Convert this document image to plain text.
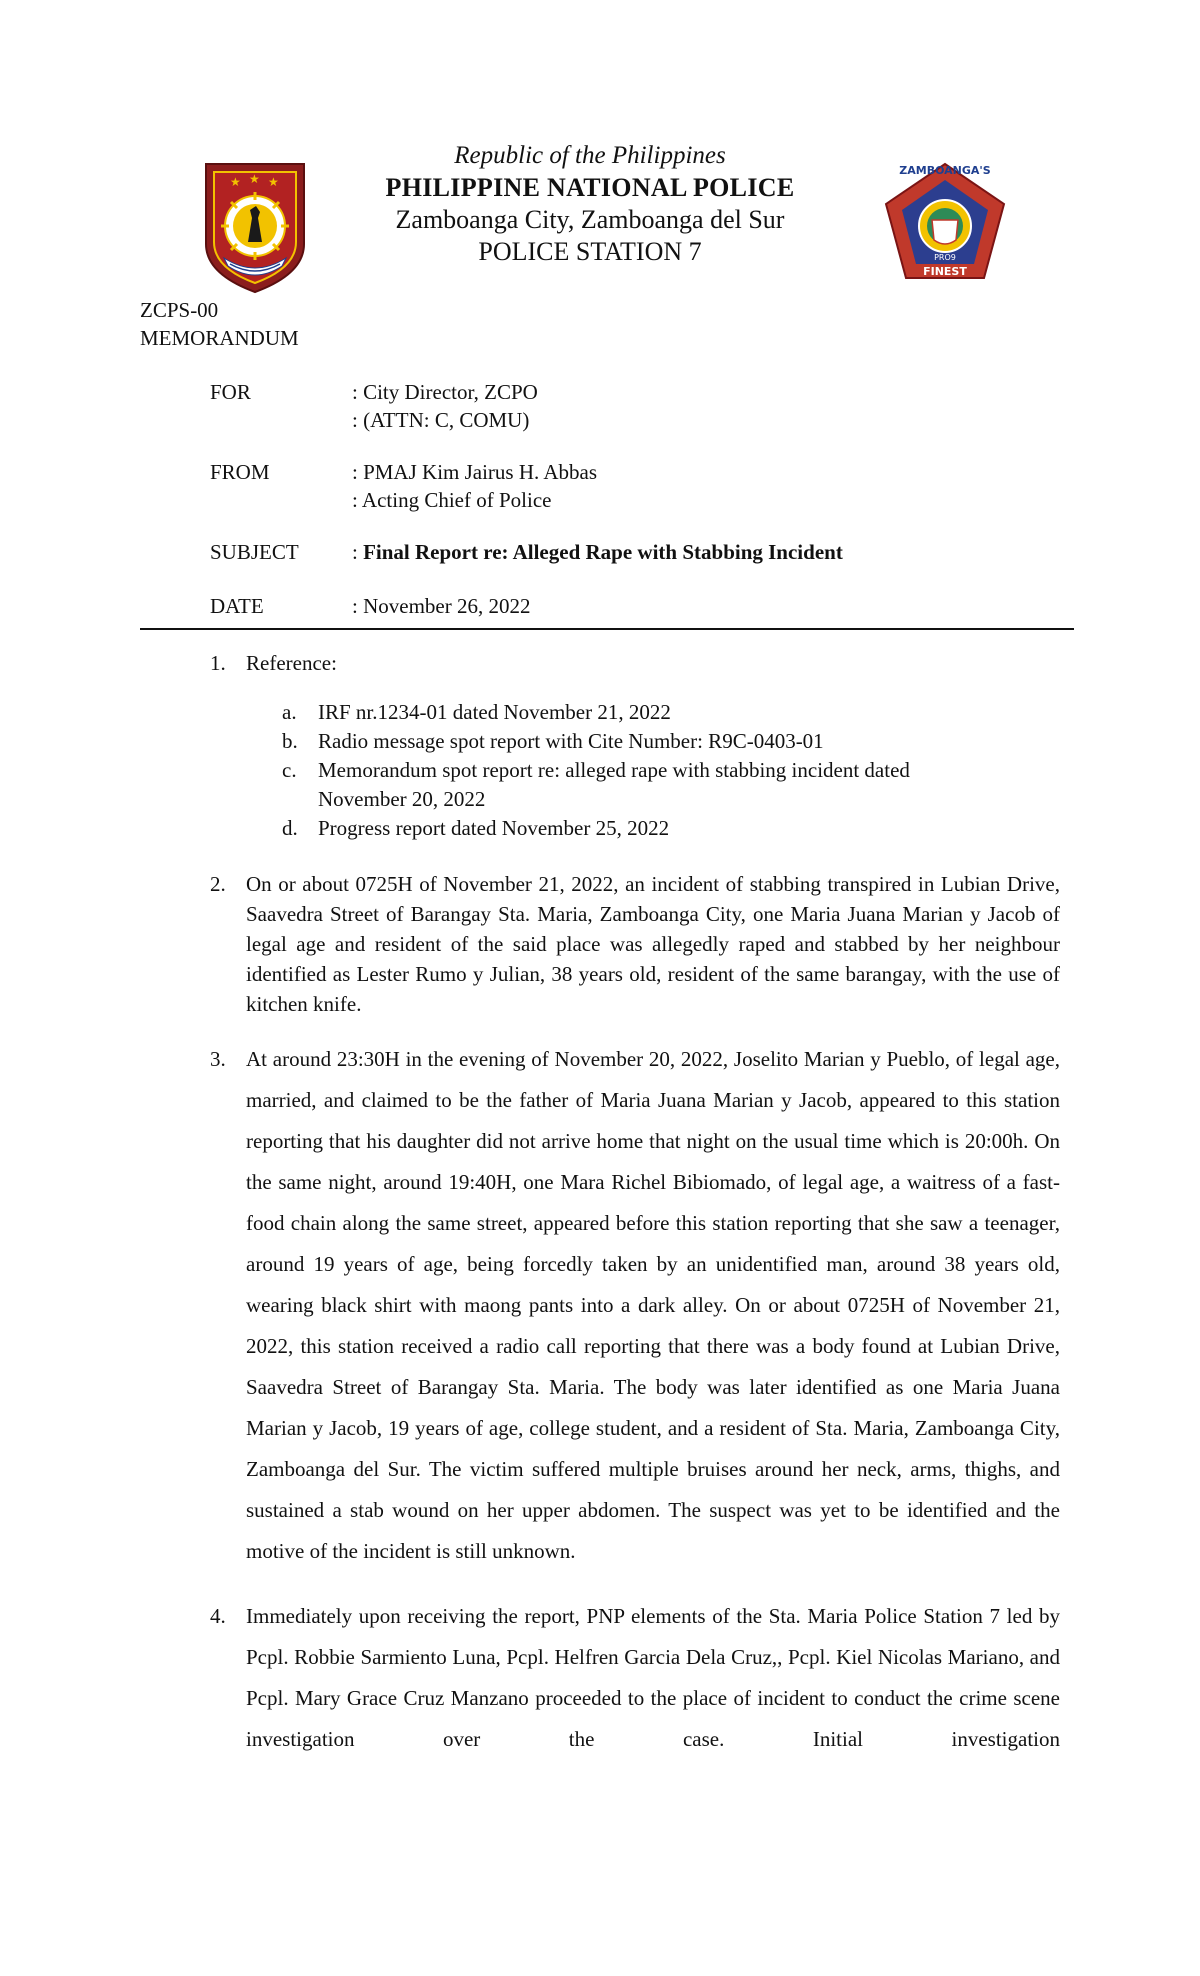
★ ★ ★
Republic of the Philippines
PHILIPPINE NATIONAL POLICE
Zamboanga City, Zamboanga del Sur
POLICE STATION 7
ZAMBOANGA'S
PRO9
FINEST
ZCPS-00
MEMORANDUM
FOR	: City Director, ZCPO
: (ATTN: C, COMU)
FROM	: PMAJ Kim Jairus H. Abbas
: Acting Chief of Police
SUBJECT	: Final Report re: Alleged Rape with Stabbing Incident
DATE	: November 26, 2022
1. Reference:
a.	IRF nr.1234-01 dated November 21, 2022
b. Radio message spot report with Cite Number: R9C-0403-01
c.	Memorandum spot report re: alleged rape with stabbing incident dated November 20, 2022
d. Progress report dated November 25, 2022
2. On or about 0725H of November 21, 2022, an incident of stabbing transpired in Lubian Drive, Saavedra Street of Barangay Sta. Maria, Zamboanga City, one Maria Juana Marian y Jacob of legal age and resident of the said place was allegedly raped and stabbed by her neighbour identified as Lester Rumo y Julian, 38 years old, resident of the same barangay, with the use of kitchen knife.
3. At around 23:30H in the evening of November 20, 2022, Joselito Marian y Pueblo, of legal age, married, and claimed to be the father of Maria Juana Marian y Jacob, appeared to this station reporting that his daughter did not arrive home that night on the usual time which is 20:00h. On the same night, around 19:40H, one Mara Richel Bibiomado, of legal age, a waitress of a fast-food chain along the same street, appeared before this station reporting that she saw a teenager, around 19 years of age, being forcedly taken by an unidentified man, around 38 years old, wearing black shirt with maong pants into a dark alley. On or about 0725H of November 21, 2022, this station received a radio call reporting that there was a body found at Lubian Drive, Saavedra Street of Barangay Sta. Maria. The body was later identified as one Maria Juana Marian y Jacob, 19 years of age, college student, and a resident of Sta. Maria, Zamboanga City, Zamboanga del Sur. The victim suffered multiple bruises around her neck, arms, thighs, and sustained a stab wound on her upper abdomen. The suspect was yet to be identified and the motive of the incident is still unknown.
4. Immediately upon receiving the report, PNP elements of the Sta. Maria Police Station 7 led by Pcpl. Robbie Sarmiento Luna, Pcpl. Helfren Garcia Dela Cruz,, Pcpl. Kiel Nicolas Mariano, and Pcpl. Mary Grace Cruz Manzano proceeded to the place of incident to conduct the crime scene investigation over the case. Initial investigation
